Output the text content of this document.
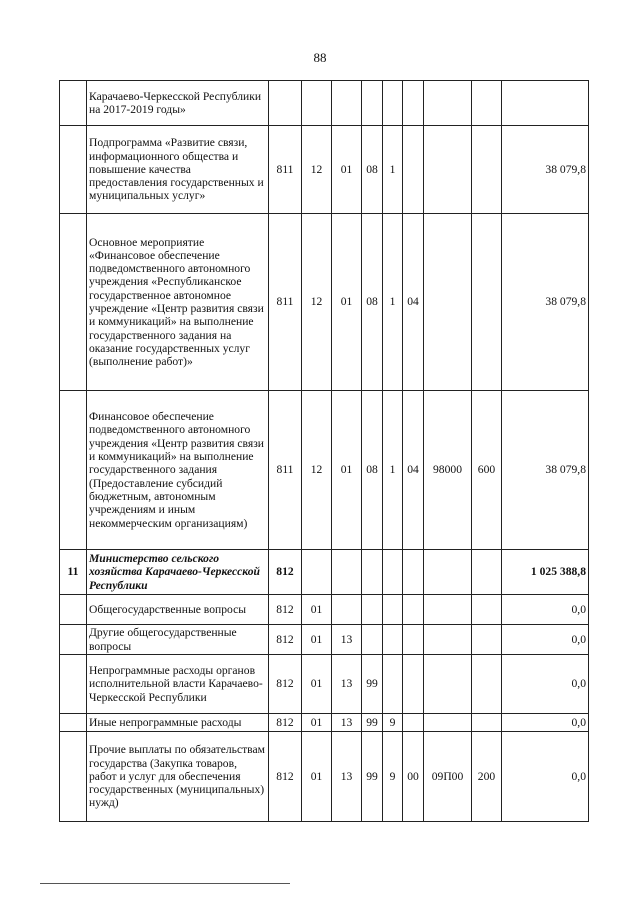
88
	Карачаево-Черкесской Республики на 2017-2019 годы»									
	Подпрограмма «Развитие связи, информационного общества и повышение качества предоставления государственных и муниципальных услуг»	811	12	01	08	1				38 079,8
	Основное мероприятие «Финансовое обеспечение подведомственного автономного учреждения «Республиканское государственное автономное учреждение «Центр развития связи и коммуникаций» на выполнение государственного задания на оказание государственных услуг (выполнение работ)»	811	12	01	08	1	04			38 079,8
	Финансовое обеспечение подведомственного автономного учреждения «Центр развития связи и коммуникаций» на выполнение государственного задания (Предоставление субсидий бюджетным, автономным учреждениям и иным некоммерческим организациям)	811	12	01	08	1	04	98000	600	38 079,8
11	Министерство сельского хозяйства Карачаево-Черкесской Республики	812								1 025 388,8
	Общегосударственные вопросы	812	01							0,0
	Другие общегосударственные вопросы	812	01	13						0,0
	Непрограммные расходы органов исполнительной власти Карачаево-Черкесской Республики	812	01	13	99					0,0
	Иные непрограммные расходы	812	01	13	99	9				0,0
	Прочие выплаты по обязательствам государства (Закупка товаров, работ и услуг для обеспечения государственных (муниципальных) нужд)	812	01	13	99	9	00	09П00	200	0,0
